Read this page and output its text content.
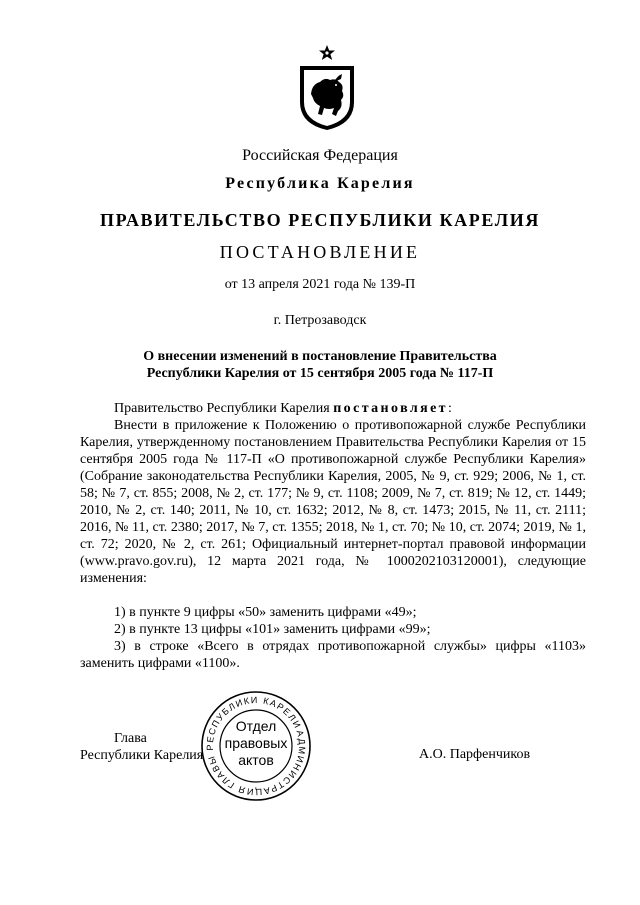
Российская Федерация
Республика Карелия
ПРАВИТЕЛЬСТВО РЕСПУБЛИКИ КАРЕЛИЯ
ПОСТАНОВЛЕНИЕ
от 13 апреля 2021 года № 139-П
г. Петрозаводск
О внесении изменений в постановление Правительства
Республики Карелия от 15 сентября 2005 года № 117-П
Правительство Республики Карелия постановляет:
Внести в приложение к Положению о противопожарной службе Республики Карелия, утвержденному постановлением Правительства Республики Карелия от 15 сентября 2005 года № 117-П «О противопожарной службе Республики Карелия» (Собрание законодательства Республики Карелия, 2005, № 9, ст. 929; 2006, № 1, ст. 58; № 7, ст. 855; 2008, № 2, ст. 177; № 9, ст. 1108; 2009, № 7, ст. 819; № 12, ст. 1449; 2010, № 2, ст. 140; 2011, № 10, ст. 1632; 2012, № 8, ст. 1473; 2015, № 11, ст. 2111; 2016, № 11, ст. 2380; 2017, № 7, ст. 1355; 2018, № 1, ст. 70; № 10, ст. 2074; 2019, № 1, ст. 72; 2020, № 2, ст. 261; Официальный интернет-портал правовой информации (www.pravo.gov.ru), 12 марта 2021 года, № 1000202103120001), следующие изменения:
1) в пункте 9 цифры «50» заменить цифрами «49»;
2) в пункте 13 цифры «101» заменить цифрами «99»;
3) в строке «Всего в отрядах противопожарной службы» цифры «1103» заменить цифрами «1100».
Глава
Республики Карелия	А.О. Парфенчиков
АДМИНИСТРАЦИЯ ГЛАВЫ РЕСПУБЛИКИ КАРЕЛИЯ
Отдел
правовых
актов
